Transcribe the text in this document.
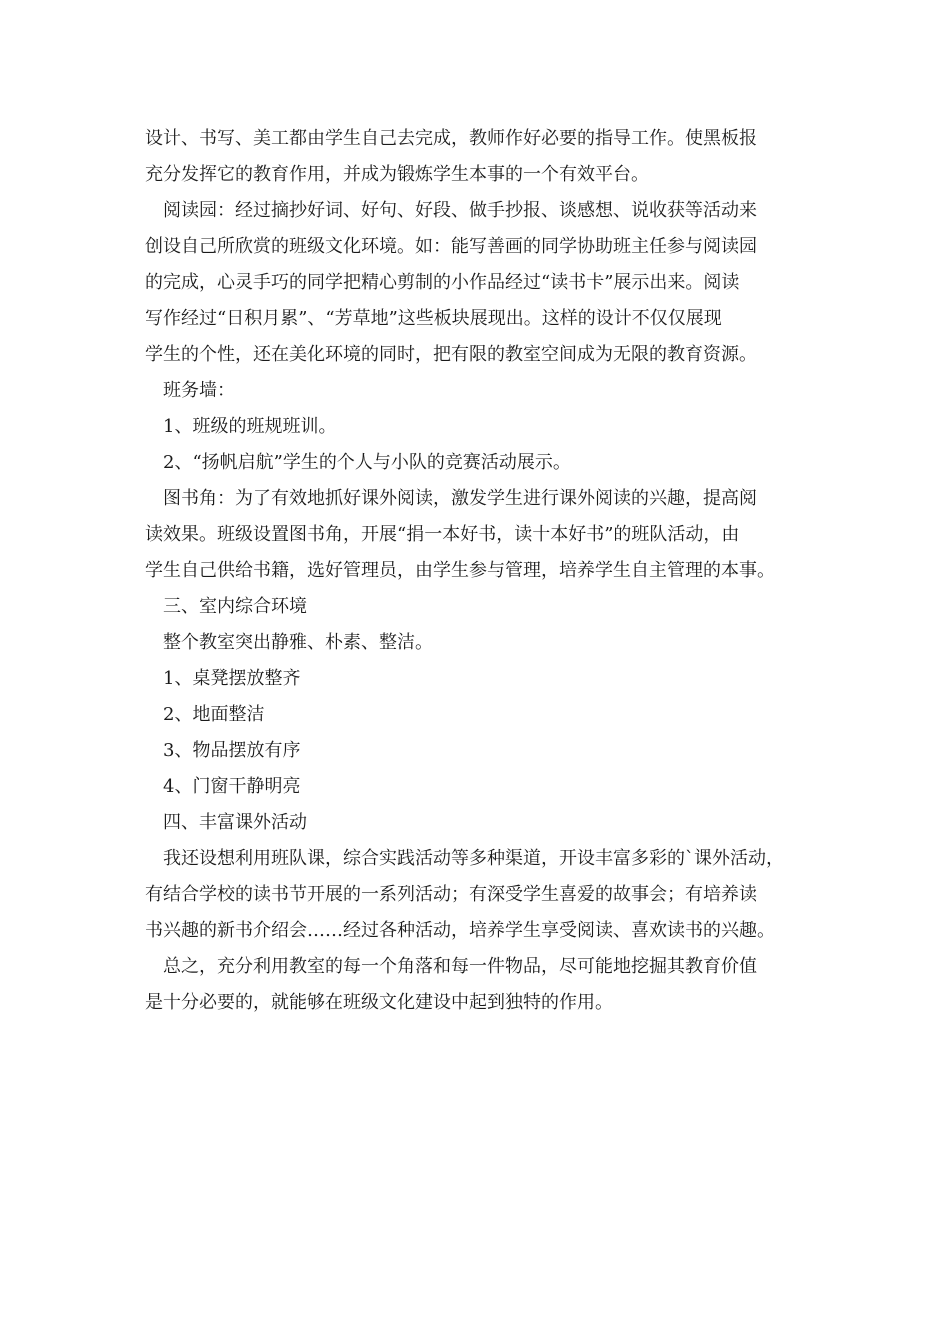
设计、书写、美工都由学生自己去完成，教师作好必要的指导工作。使黑板报
充分发挥它的教育作用，并成为锻炼学生本事的一个有效平台。
阅读园：经过摘抄好词、好句、好段、做手抄报、谈感想、说收获等活动来
创设自己所欣赏的班级文化环境。如：能写善画的同学协助班主任参与阅读园
的完成，心灵手巧的同学把精心剪制的小作品经过“读书卡”展示出来。阅读
写作经过“日积月累”、“芳草地”这些板块展现出。这样的设计不仅仅展现
学生的个性，还在美化环境的同时，把有限的教室空间成为无限的教育资源。
班务墙：
1、班级的班规班训。
2、“扬帆启航”学生的个人与小队的竞赛活动展示。
图书角：为了有效地抓好课外阅读，激发学生进行课外阅读的兴趣，提高阅
读效果。班级设置图书角，开展“捐一本好书，读十本好书”的班队活动，由
学生自己供给书籍，选好管理员，由学生参与管理，培养学生自主管理的本事。
三、室内综合环境
整个教室突出静雅、朴素、整洁。
1、桌凳摆放整齐
2、地面整洁
3、物品摆放有序
4、门窗干静明亮
四、丰富课外活动
我还设想利用班队课，综合实践活动等多种渠道，开设丰富多彩的`课外活动，
有结合学校的读书节开展的一系列活动；有深受学生喜爱的故事会；有培养读
书兴趣的新书介绍会……经过各种活动，培养学生享受阅读、喜欢读书的兴趣。
总之，充分利用教室的每一个角落和每一件物品，尽可能地挖掘其教育价值
是十分必要的，就能够在班级文化建设中起到独特的作用。
